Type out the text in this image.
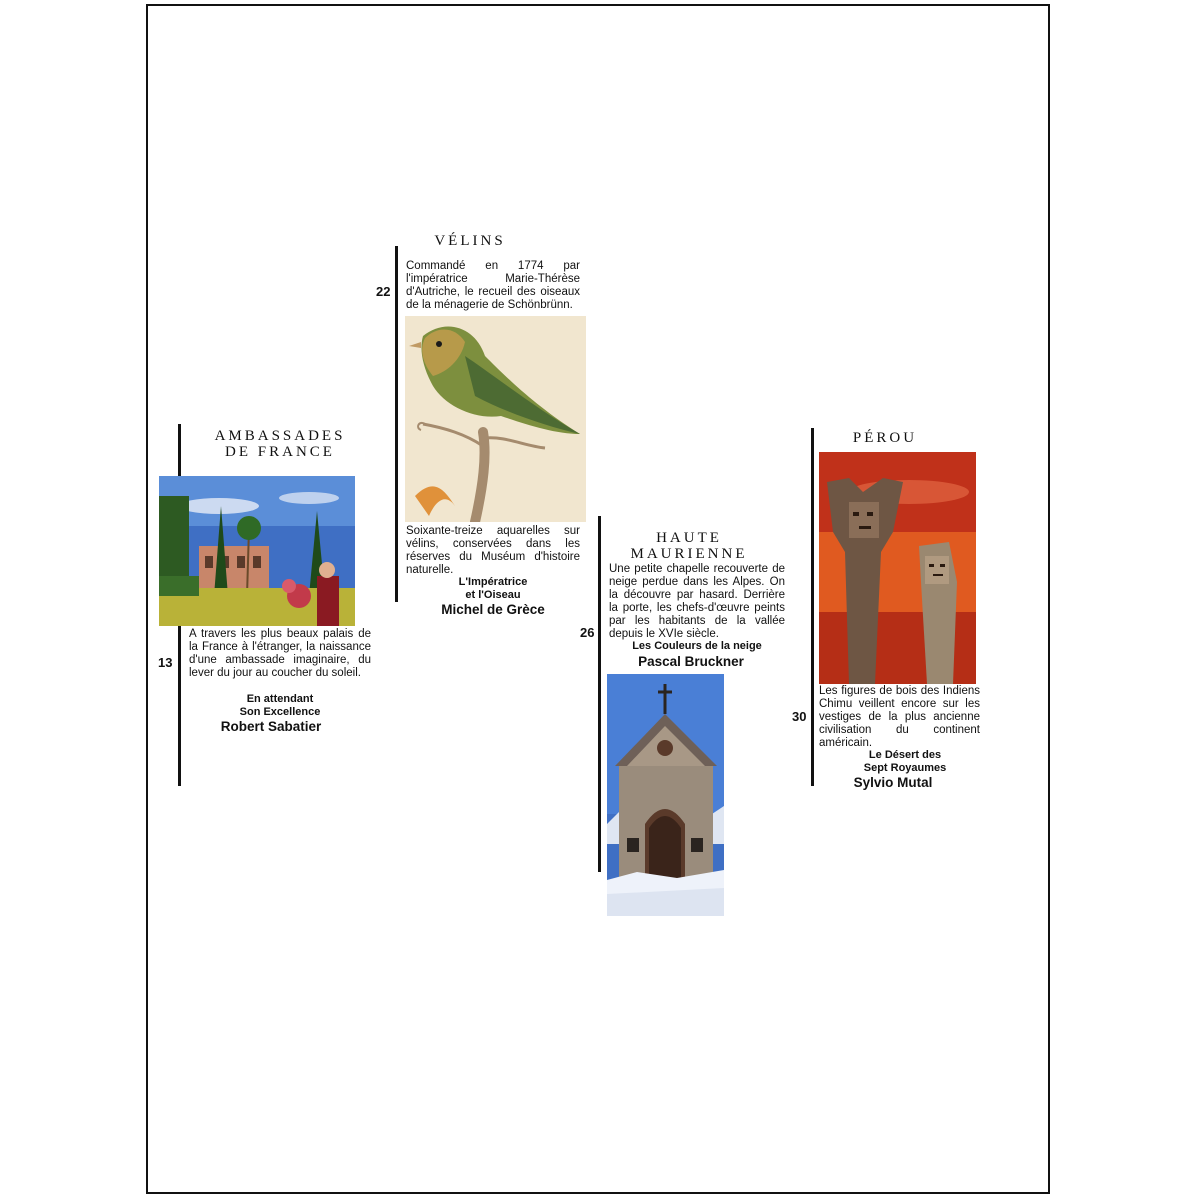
AMBASSADES
DE FRANCE
13

A travers les plus beaux palais de la France à l'étranger, la naissance d'une ambassade imaginaire, du lever du jour au coucher du soleil.

En attendant
Son Excellence
Robert Sabatier
VÉLINS
22

Commandé en 1774 par l'impératrice Marie-Thérèse d'Autriche, le recueil des oiseaux de la ménagerie de Schönbrünn.

Soixante-treize aquarelles sur vélins, conservées dans les réserves du Muséum d'histoire naturelle.

L'Impératrice
et l'Oiseau
Michel de Grèce
HAUTE
MAURIENNE

Une petite chapelle recouverte de neige perdue dans les Alpes. On la découvre par hasard. Derrière la porte, les chefs-d'œuvre peints par les habitants de la vallée depuis le XVIe siècle.

26
Les Couleurs de la neige
Pascal Bruckner
PÉROU

Les figures de bois des Indiens Chimu veillent encore sur les vestiges de la plus ancienne civilisation du continent américain.

30
Le Désert des
Sept Royaumes
Sylvio Mutal
